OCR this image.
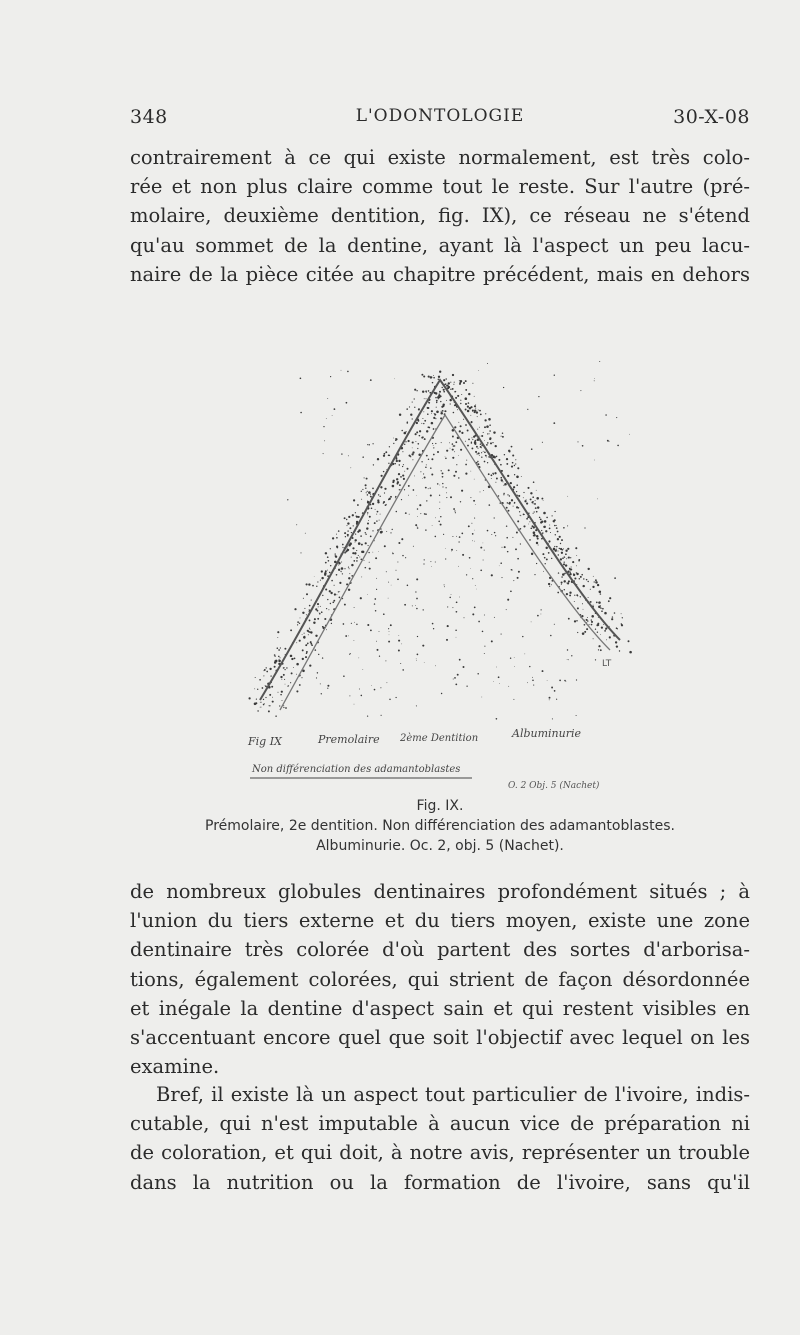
348	L'ODONTOLOGIE	30-X-08
contrairement à ce qui existe normalement, est très colo-
rée et non plus claire comme tout le reste. Sur l'autre (pré-
molaire, deuxième dentition, fig. IX), ce réseau ne s'étend
qu'au sommet de la dentine, ayant là l'aspect un peu lacu-
naire de la pièce citée au chapitre précédent, mais en dehors
LT
Fig IX	Premolaire 2ème Dentition	Albuminurie
Non différenciation des adamantoblastes
O. 2 Obj. 5 (Nachet)
Fig. IX.
Prémolaire, 2e dentition. Non différenciation des adamantoblastes.
Albuminurie. Oc. 2, obj. 5 (Nachet).
de nombreux globules dentinaires profondément situés ; à
l'union du tiers externe et du tiers moyen, existe une zone
dentinaire très colorée d'où partent des sortes d'arborisa-
tions, également colorées, qui strient de façon désordonnée
et inégale la dentine d'aspect sain et qui restent visibles en
s'accentuant encore quel que soit l'objectif avec lequel on les
examine.
Bref, il existe là un aspect tout particulier de l'ivoire, indis-
cutable, qui n'est imputable à aucun vice de préparation ni
de coloration, et qui doit, à notre avis, représenter un trouble
dans la nutrition ou la formation de l'ivoire, sans qu'il
